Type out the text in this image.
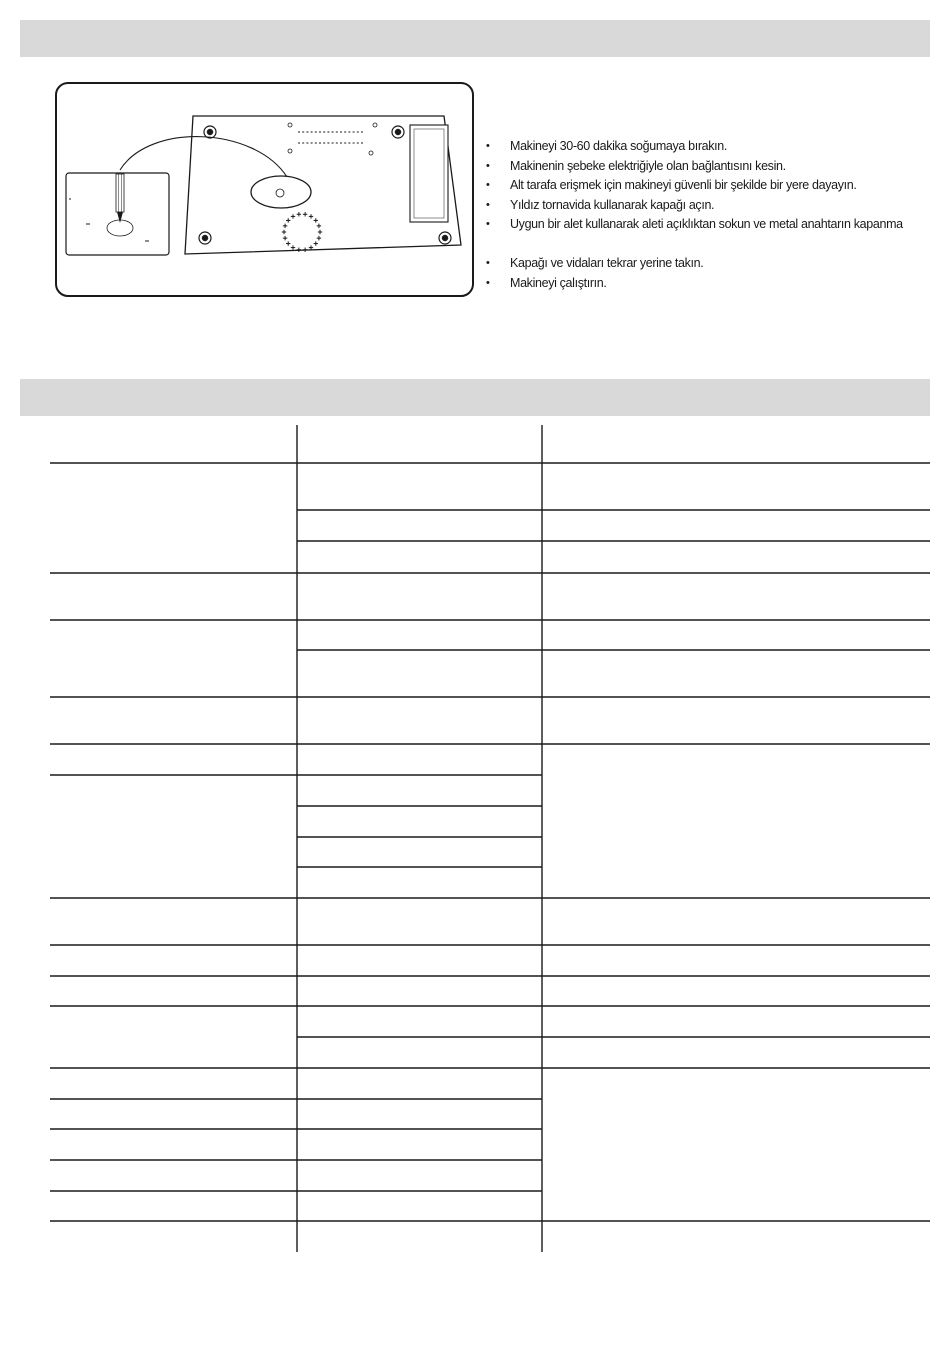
• Makineyi 30-60 dakika soğumaya bırakın.
• Makinenin şebeke elektriğiyle olan bağlantısını kesin.
• Alt tarafa erişmek için makineyi güvenli bir şekilde bir yere dayayın.
• Yıldız tornavida kullanarak kapağı açın.
• Uygun bir alet kullanarak aleti açıklıktan sokun ve metal anahtarın kapanma
• Kapağı ve vidaları tekrar yerine takın.
• Makineyi çalıştırın.
